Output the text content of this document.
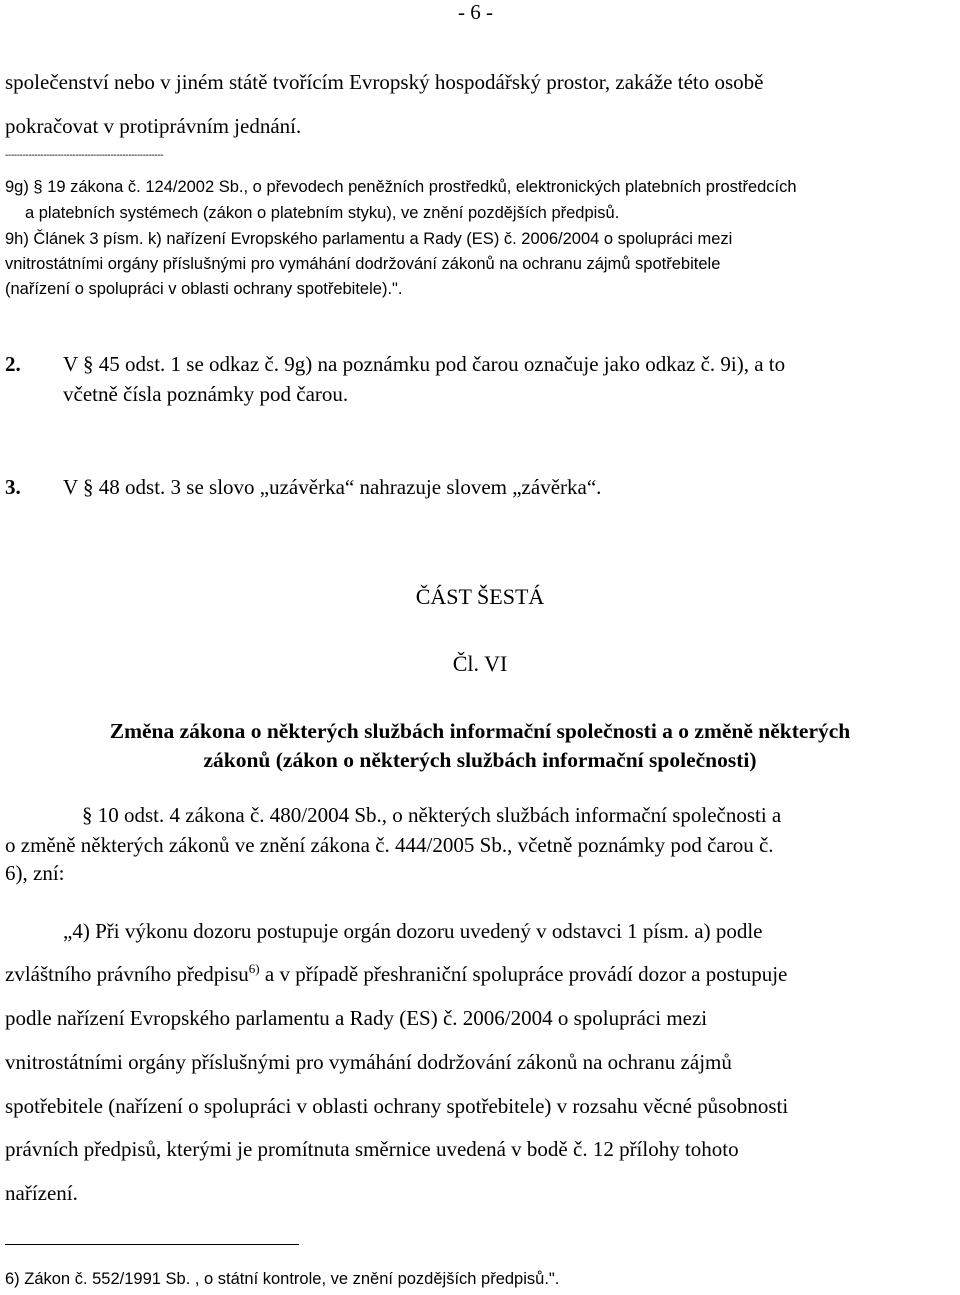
- 6 -
společenství nebo v jiném státě tvořícím Evropský hospodářský prostor, zakáže této osobě
pokračovat v protiprávním jednání.
------------------------------------------------------
9g) § 19 zákona č. 124/2002 Sb., o převodech peněžních prostředků, elektronických platebních prostředcích
a platebních systémech (zákon o platebním styku), ve znění pozdějších předpisů.
9h) Článek 3 písm. k) nařízení Evropského parlamentu a Rady (ES) č. 2006/2004 o spolupráci mezi
vnitrostátními orgány příslušnými pro vymáhání dodržování zákonů na ochranu zájmů spotřebitele
(nařízení o spolupráci v oblasti ochrany spotřebitele).".
2. V § 45 odst. 1 se odkaz č. 9g) na poznámku pod čarou označuje jako odkaz č. 9i), a to
včetně čísla poznámky pod čarou.
3. V § 48 odst. 3 se slovo „uzávěrka“ nahrazuje slovem „závěrka“.
ČÁST ŠESTÁ
Čl. VI
Změna zákona o některých službách informační společnosti a o změně některých
zákonů (zákon o některých službách informační společnosti)
§ 10 odst. 4 zákona č. 480/2004 Sb., o některých službách informační společnosti a
o změně některých zákonů ve znění zákona č. 444/2005 Sb., včetně poznámky pod čarou č.
6), zní:
„4) Při výkonu dozoru postupuje orgán dozoru uvedený v odstavci 1 písm. a) podle
zvláštního právního předpisu$^{6)}$ a v případě přeshraniční spolupráce provádí dozor a postupuje
podle nařízení Evropského parlamentu a Rady (ES) č. 2006/2004 o spolupráci mezi
vnitrostátními orgány příslušnými pro vymáhání dodržování zákonů na ochranu zájmů
spotřebitele (nařízení o spolupráci v oblasti ochrany spotřebitele) v rozsahu věcné působnosti
právních předpisů, kterými je promítnuta směrnice uvedená v bodě č. 12 přílohy tohoto
nařízení.
6) Zákon č. 552/1991 Sb. , o státní kontrole, ve znění pozdějších předpisů.".
